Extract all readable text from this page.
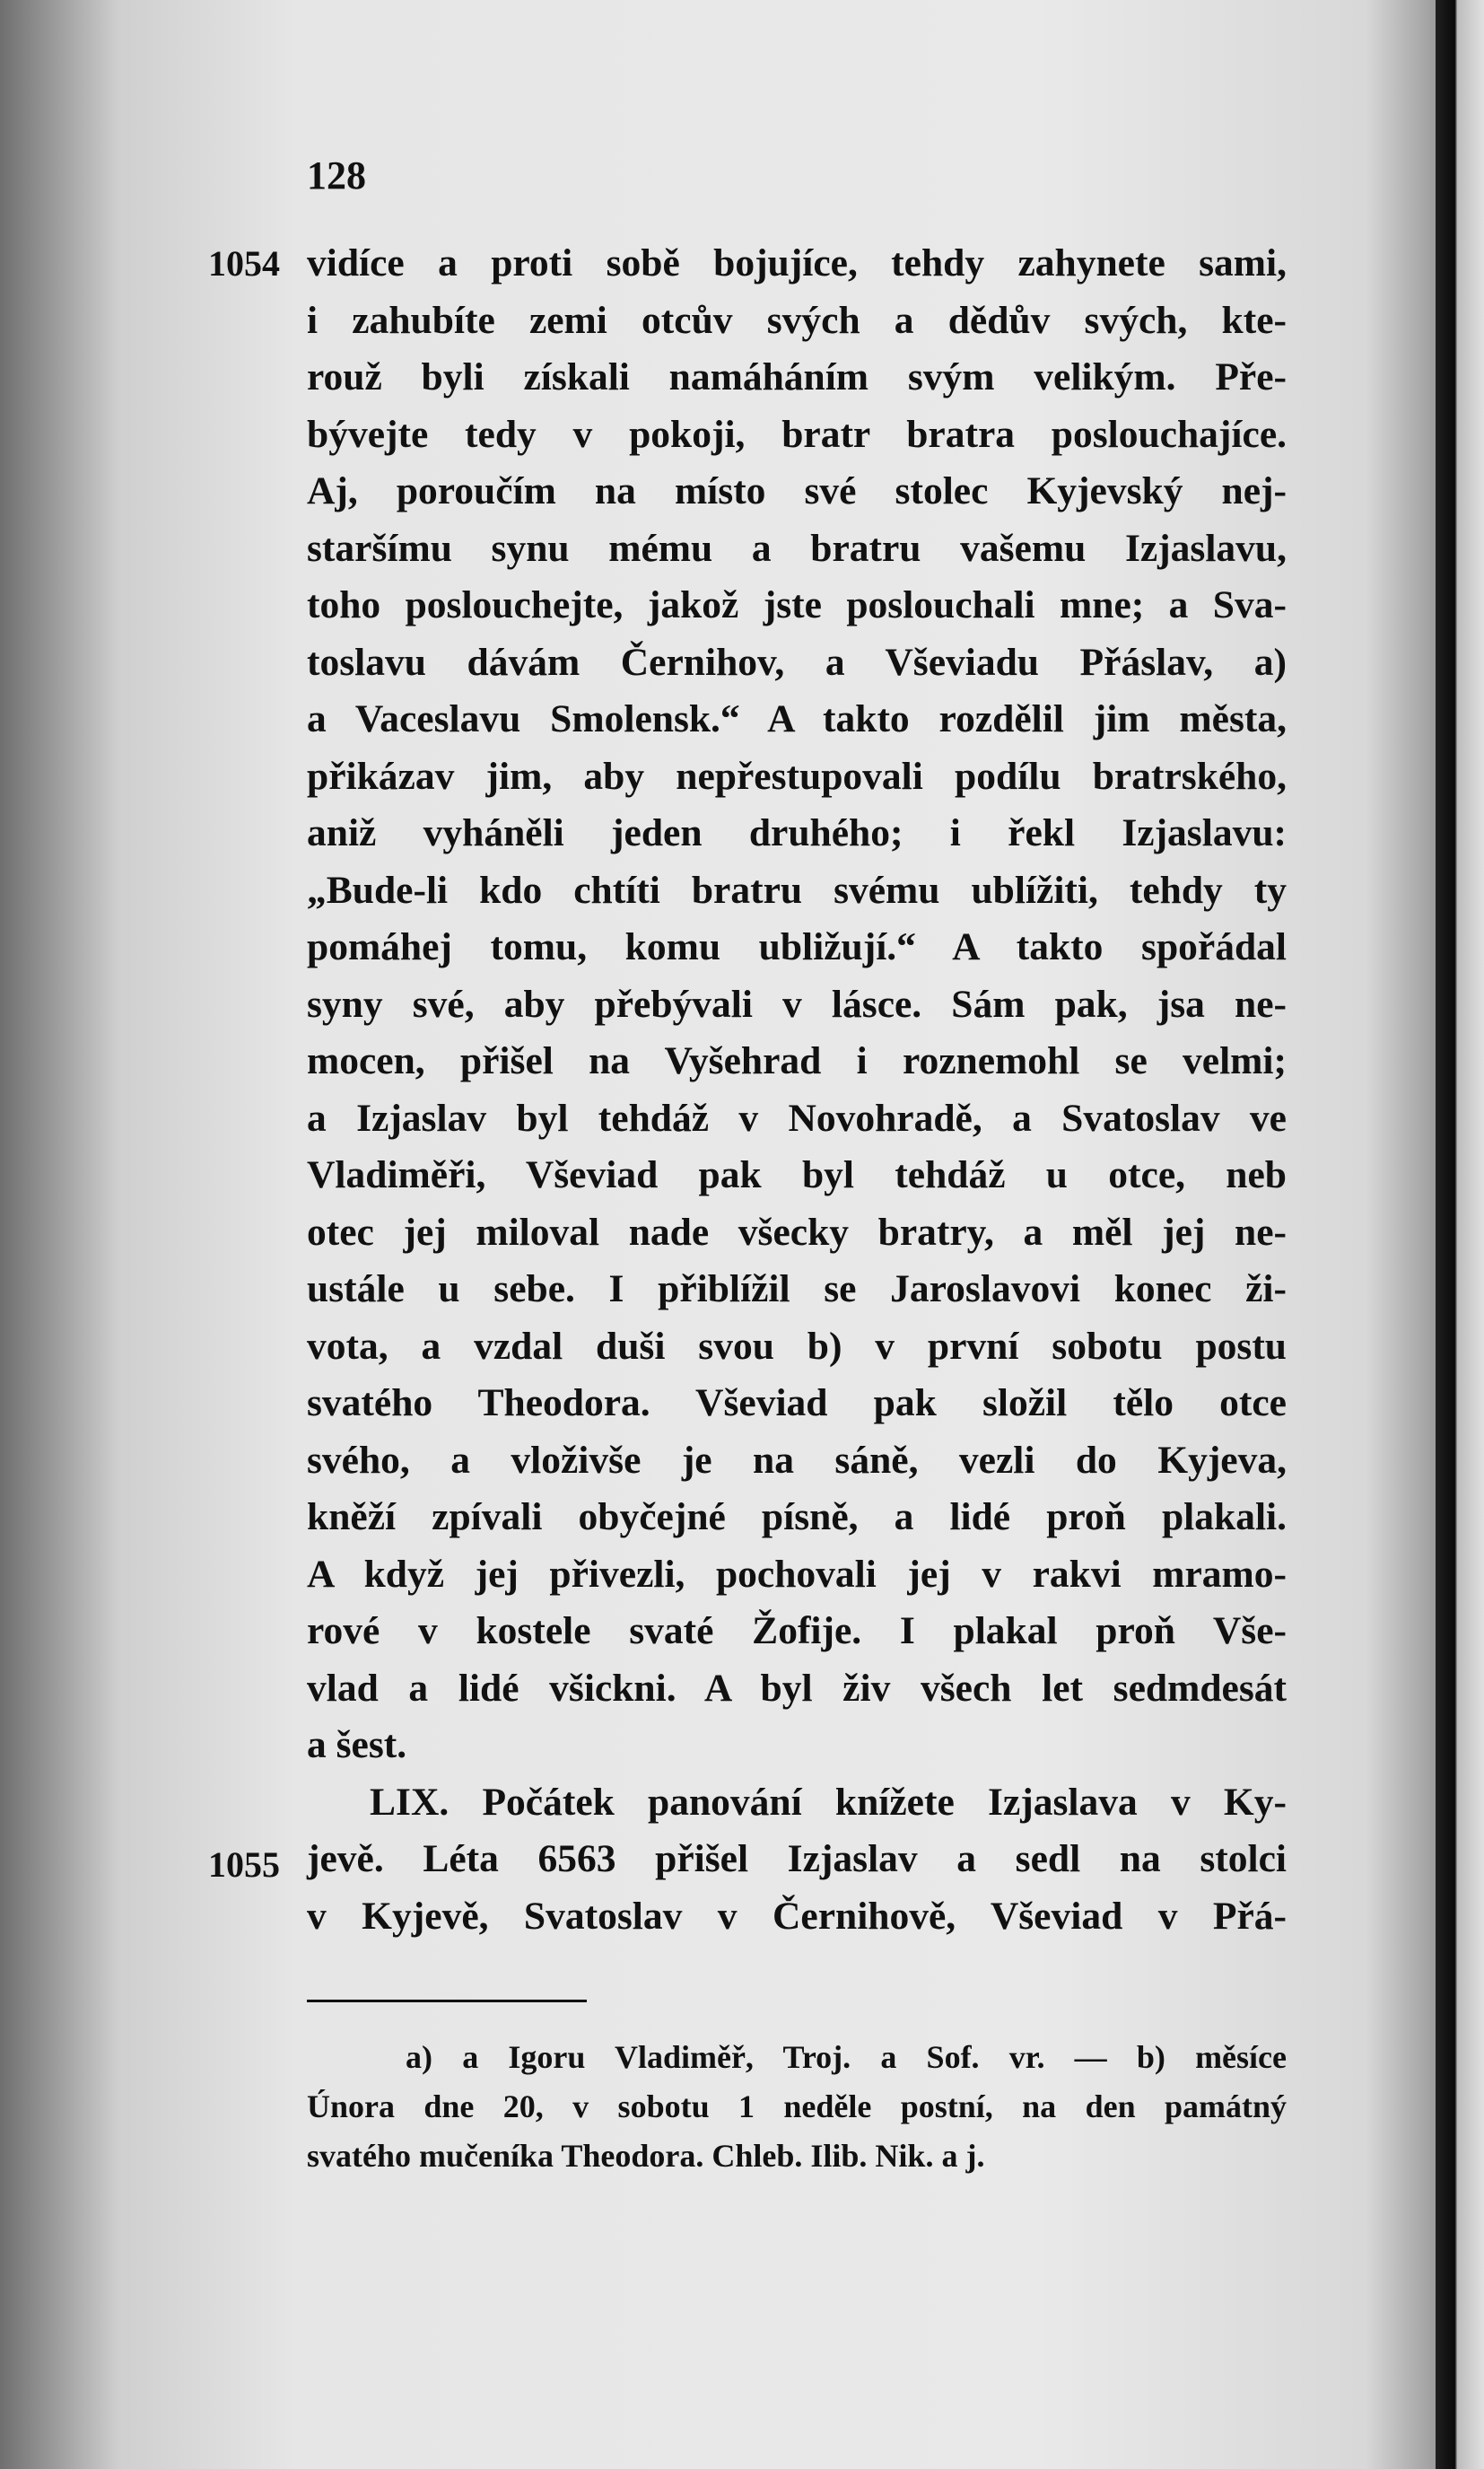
128
1054
1055
vidíce a proti sobě bojujíce, tehdy zahynete sami,
i zahubíte zemi otcův svých a dědův svých, kte-
rouž byli získali namáháním svým velikým. Pře-
bývejte tedy v pokoji, bratr bratra poslouchajíce.
Aj, poroučím na místo své stolec Kyjevský nej-
staršímu synu mému a bratru vašemu Izjaslavu,
toho poslouchejte, jakož jste poslouchali mne; a Sva-
toslavu dávám Černihov, a Vševiadu Přáslav, a)
a Vaceslavu Smolensk.“ A takto rozdělil jim města,
přikázav jim, aby nepřestupovali podílu bratrského,
aniž vyháněli jeden druhého; i řekl Izjaslavu:
„Bude-li kdo chtíti bratru svému ublížiti, tehdy ty
pomáhej tomu, komu ubližují.“ A takto spořádal
syny své, aby přebývali v lásce. Sám pak, jsa ne-
mocen, přišel na Vyšehrad i roznemohl se velmi;
a Izjaslav byl tehdáž v Novohradě, a Svatoslav ve
Vladiměři, Vševiad pak byl tehdáž u otce, neb
otec jej miloval nade všecky bratry, a měl jej ne-
ustále u sebe. I přiblížil se Jaroslavovi konec ži-
vota, a vzdal duši svou b) v první sobotu postu
svatého Theodora. Vševiad pak složil tělo otce
svého, a vloživše je na sáně, vezli do Kyjeva,
kněží zpívali obyčejné písně, a lidé proň plakali.
A když jej přivezli, pochovali jej v rakvi mramo-
rové v kostele svaté Žofije. I plakal proň Vše-
vlad a lidé všickni. A byl živ všech let sedmdesát
a šest.
LIX. Počátek panování knížete Izjaslava v Ky-
jevě. Léta 6563 přišel Izjaslav a sedl na stolci
v Kyjevě, Svatoslav v Černihově, Vševiad v Přá-
a) a Igoru Vladiměř, Troj. a Sof. vr. — b) měsíce
Února dne 20, v sobotu 1 neděle postní, na den památný
svatého mučeníka Theodora. Chleb. Ilib. Nik. a j.
